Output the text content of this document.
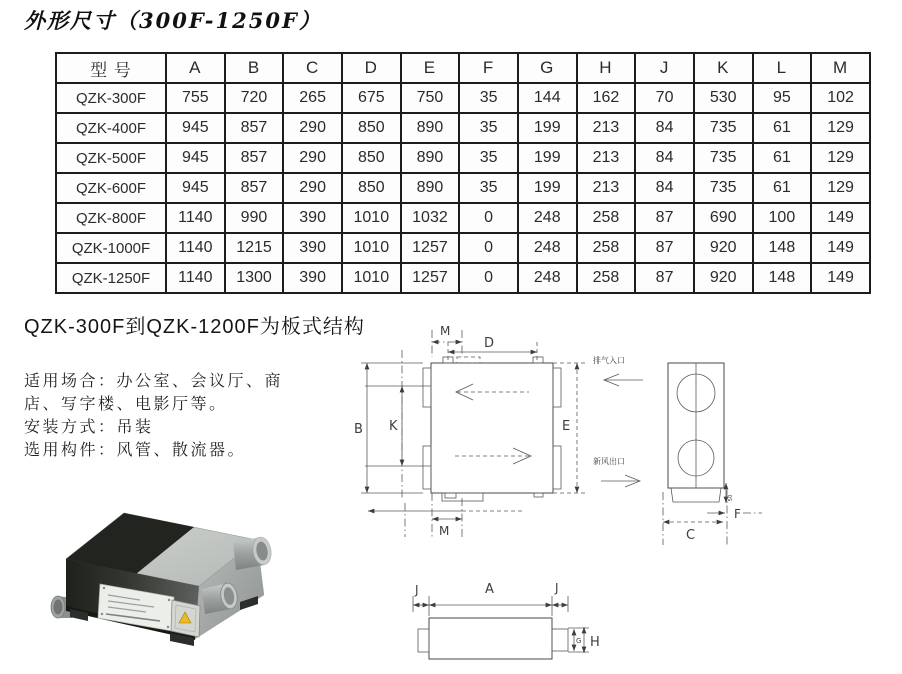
外形尺寸（300F-1250F）
型 号	A	B	C	D	E	F	G	H	J	K	L	M
QZK-300F	755	720	265	675	750	35	144	162	70	530	95	102
QZK-400F	945	857	290	850	890	35	199	213	84	735	61	129
QZK-500F	945	857	290	850	890	35	199	213	84	735	61	129
QZK-600F	945	857	290	850	890	35	199	213	84	735	61	129
QZK-800F	1140	990	390	1010	1032	0	248	258	87	690	100	149
QZK-1000F	1140	1215	390	1010	1257	0	248	258	87	920	148	149
QZK-1250F	1140	1300	390	1010	1257	0	248	258	87	920	148	149
QZK-300F到QZK-1200F为板式结构
适用场合：办公室、会议厅、商
店、写字楼、电影厅等。
安装方式：吊装
选用构件：风管、散流器。
B K
M
D
E
排气入口
新风出口
M
50
F
C
J	A	J
G H
